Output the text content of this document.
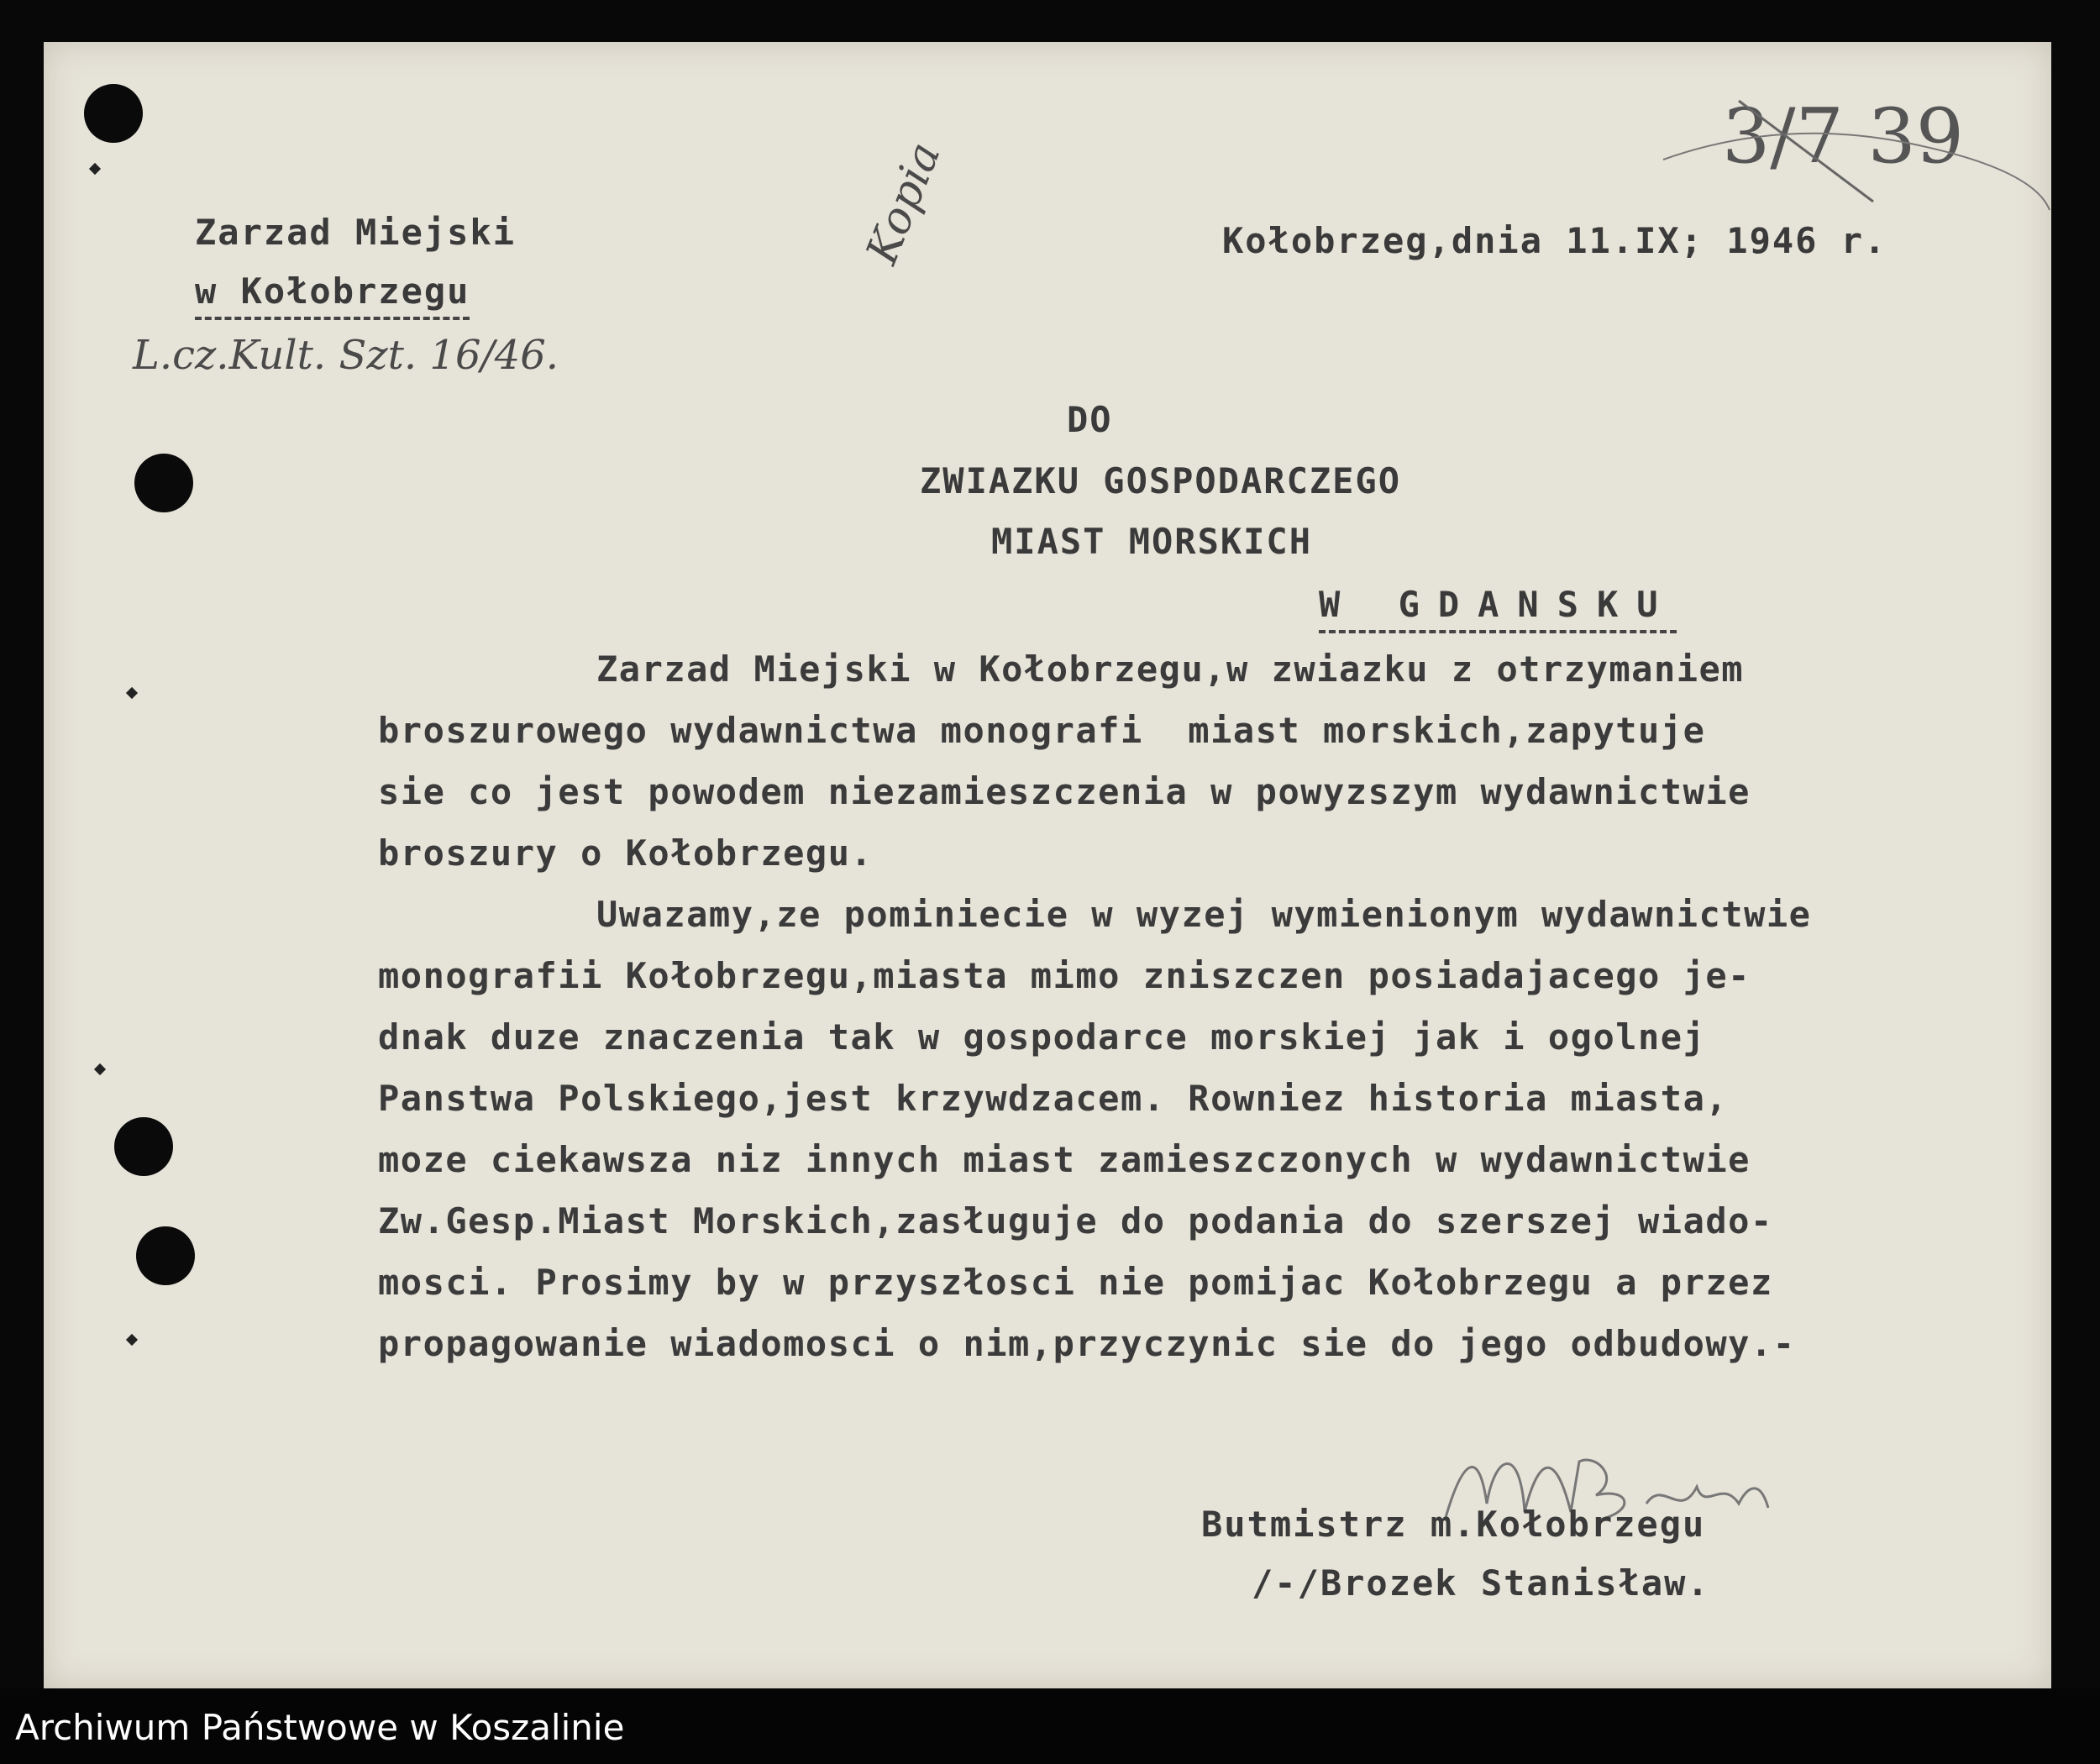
Zarzad Miejski
w Kołobrzegu
L.cz.Kult. Szt. 16/46.
Kopia	Kołobrzeg,dnia 11.IX; 1946 r.
3/7 39
DO
ZWIAZKU GOSPODARCZEGO
MIAST MORSKICH
W GDANSKU
Zarzad Miejski w Kołobrzegu,w zwiazku z otrzymaniem
broszurowego wydawnictwa monografi  miast morskich,zapytuje
sie co jest powodem niezamieszczenia w powyzszym wydawnictwie
broszury o Kołobrzegu.
Uwazamy,ze pominiecie w wyzej wymienionym wydawnictwie
monografii Kołobrzegu,miasta mimo zniszczen posiadajacego je-
dnak duze znaczenia tak w gospodarce morskiej jak i ogolnej
Panstwa Polskiego,jest krzywdzacem. Rowniez historia miasta,
moze ciekawsza niz innych miast zamieszczonych w wydawnictwie
Zw.Gesp.Miast Morskich,zasługuje do podania do szerszej wiado-
mosci. Prosimy by w przyszłosci nie pomijac Kołobrzegu a przez
propagowanie wiadomosci o nim,przyczynic sie do jego odbudowy.-
Butmistrz m.Kołobrzegu
/-/Brozek Stanisław.
Archiwum Państwowe w Koszalinie
